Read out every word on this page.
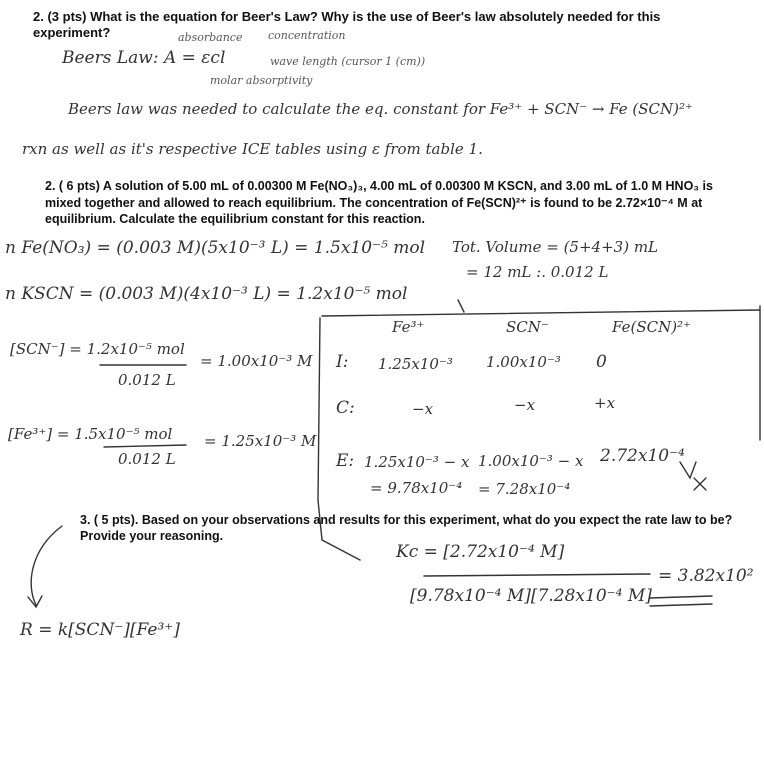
2. (3 pts) What is the equation for Beer's Law? Why is the use of Beer's law absolutely needed for this experiment?	absorbance concentration
Beers Law: A = εcl	wave length (cursor 1 (cm))
molar absorptivity
Beers law was needed to calculate the eq. constant for Fe³⁺ + SCN⁻ → Fe (SCN)²⁺
rxn as well as it's respective ICE tables using ε from table 1.
2. ( 6 pts) A solution of 5.00 mL of 0.00300 M Fe(NO₃)₃, 4.00 mL of 0.00300 M KSCN, and 3.00 mL of 1.0 M HNO₃ is mixed together and allowed to reach equilibrium. The concentration of Fe(SCN)²⁺ is found to be 2.72×10⁻⁴ M at equilibrium. Calculate the equilibrium constant for this reaction.
n Fe(NO₃) = (0.003 M)(5x10⁻³ L) = 1.5x10⁻⁵ mol Tot. Volume = (5+4+3) mL
= 12 mL :. 0.012 L
n KSCN = (0.003 M)(4x10⁻³ L) = 1.2x10⁻⁵ mol
[SCN⁻] = 1.2x10⁻⁵ mol
0.012 L
= 1.00x10⁻³ M
[Fe³⁺] = 1.5x10⁻⁵ mol
0.012 L
= 1.25x10⁻³ M
Fe³⁺	SCN⁻	Fe(SCN)²⁺
I: 1.25x10⁻³ 1.00x10⁻³ 0
C:	−x	−x	+x
E: 1.25x10⁻³ − x 1.00x10⁻³ − x 2.72x10⁻⁴
= 9.78x10⁻⁴ = 7.28x10⁻⁴
3. ( 5 pts). Based on your observations and results for this experiment, what do you expect the rate law to be? Provide your reasoning.
Kc = [2.72x10⁻⁴ M]
[9.78x10⁻⁴ M][7.28x10⁻⁴ M]
= 3.82x10²
R = k[SCN⁻][Fe³⁺]
